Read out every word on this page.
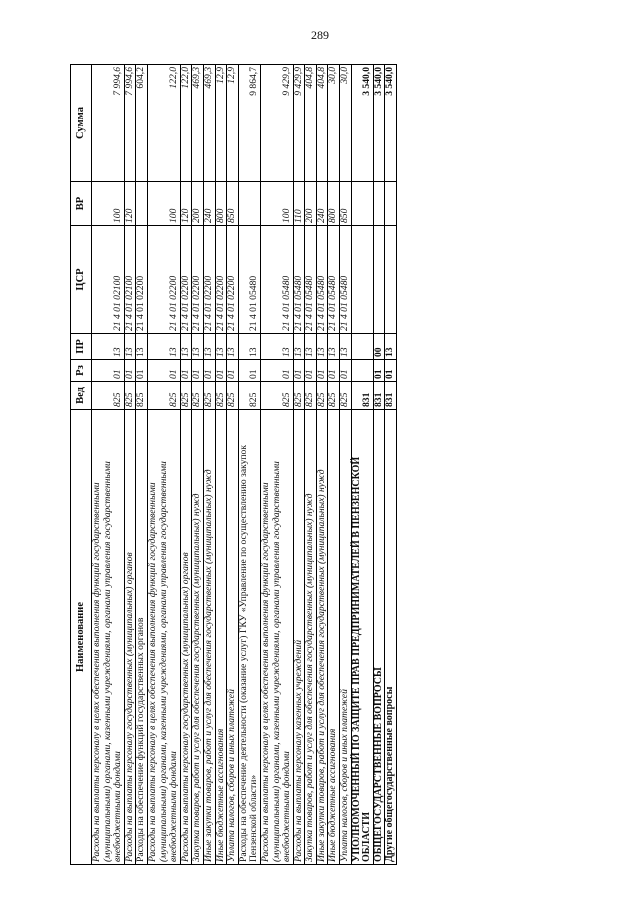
289
Наименование	Вед	Рз	ПР	ЦСР	ВР	Сумма
Расходы на выплаты персоналу в целях обеспечения выполнения функций государственными (муниципальными) органами, казенными учреждениями, органами управления государственными внебюджетными фондами	825	01	13	21 4 01 02100	100	7 994,6
Расходы на выплаты персоналу государственных (муниципальных) органов	825	01	13	21 4 01 02100	120	7 994,6
Расходы на обеспечение функций государственных органов	825	01	13	21 4 01 02200		604,2
Расходы на выплаты персоналу в целях обеспечения выполнения функций государственными (муниципальными) органами, казенными учреждениями, органами управления государственными внебюджетными фондами	825	01	13	21 4 01 02200	100	122,0
Расходы на выплаты персоналу государственных (муниципальных) органов	825	01	13	21 4 01 02200	120	122,0
Закупка товаров, работ и услуг для обеспечения государственных (муниципальных) нужд	825	01	13	21 4 01 02200	200	469,3
Иные закупки товаров, работ и услуг для обеспечения государственных (муниципальных) нужд	825	01	13	21 4 01 02200	240	469,3
Иные бюджетные ассигнования	825	01	13	21 4 01 02200	800	12,9
Уплата налогов, сборов и иных платежей	825	01	13	21 4 01 02200	850	12,9
Расходы на обеспечение деятельности (оказание услуг) ГКУ «Управление по осуществлению закупок Пензенской области»	825	01	13	21 4 01 05480		9 864,7
Расходы на выплаты персоналу в целях обеспечения выполнения функций государственными (муниципальными) органами, казенными учреждениями, органами управления государственными внебюджетными фондами	825	01	13	21 4 01 05480	100	9 429,9
Расходы на выплаты персоналу казенных учреждений	825	01	13	21 4 01 05480	110	9 429,9
Закупка товаров, работ и услуг для обеспечения государственных (муниципальных) нужд	825	01	13	21 4 01 05480	200	404,8
Иные закупки товаров, работ и услуг для обеспечения государственных (муниципальных) нужд	825	01	13	21 4 01 05480	240	404,8
Иные бюджетные ассигнования	825	01	13	21 4 01 05480	800	30,0
Уплата налогов, сборов и иных платежей	825	01	13	21 4 01 05480	850	30,0
УПОЛНОМОЧЕННЫЙ ПО ЗАЩИТЕ ПРАВ ПРЕДПРИНИМАТЕЛЕЙ В ПЕНЗЕНСКОЙ ОБЛАСТИ	831					3 540,0
ОБЩЕГОСУДАРСТВЕННЫЕ ВОПРОСЫ	831	01	00			3 540,0
Другие общегосударственные вопросы	831	01	13			3 540,0
